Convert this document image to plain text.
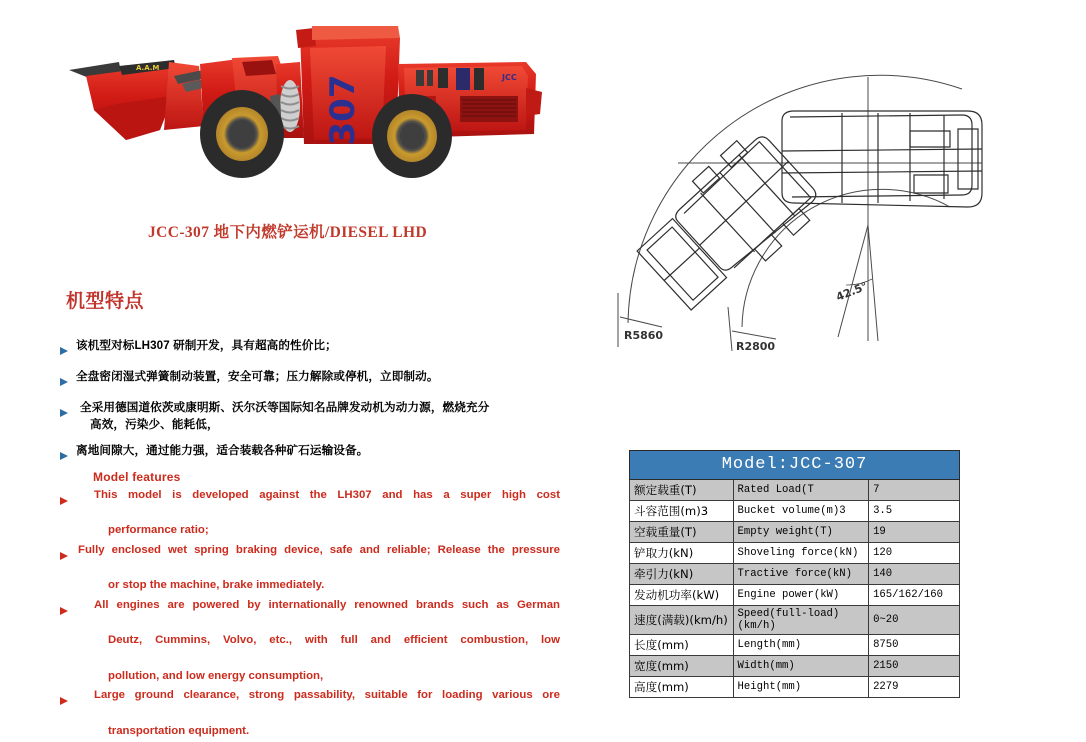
A.A.M
307	JCC
JCC-307 地下内燃铲运机/DIESEL LHD
机型特点
该机型对标LH307 研制开发，具有超高的性价比；
全盘密闭湿式弹簧制动装置，安全可靠；压力解除或停机，立即制动。
全采用德国道依茨或康明斯、沃尔沃等国际知名品牌发动机为动力源，燃烧充分
高效，污染少、能耗低，
离地间隙大，通过能力强，适合装载各种矿石运输设备。
Model features
This model is developed against the LH307 and has a super high cost
performance ratio;
Fully enclosed wet spring braking device, safe and reliable; Release the pressure
or stop the machine, brake immediately.
All engines are powered by internationally renowned brands such as German
Deutz, Cummins, Volvo, etc., with full and efficient combustion, low
pollution, and low energy consumption,
Large ground clearance, strong passability, suitable for loading various ore
transportation equipment.
R5860
R2800
42.5°
Model:JCC-307		
额定载重(T)	Rated Load(T	7
斗容范围(m)3	Bucket volume(m)3	3.5
空载重量(T)	Empty weight(T)	19
铲取力(kN)	Shoveling force(kN)	120
牵引力(kN)	Tractive force(kN)	140
发动机功率(kW)	Engine power(kW)	165/162/160
速度(满载)(km/h)	Speed(full-load)(km/h)	0~20
长度(mm)	Length(mm)	8750
宽度(mm)	Width(mm)	2150
高度(mm)	Height(mm)	2279
